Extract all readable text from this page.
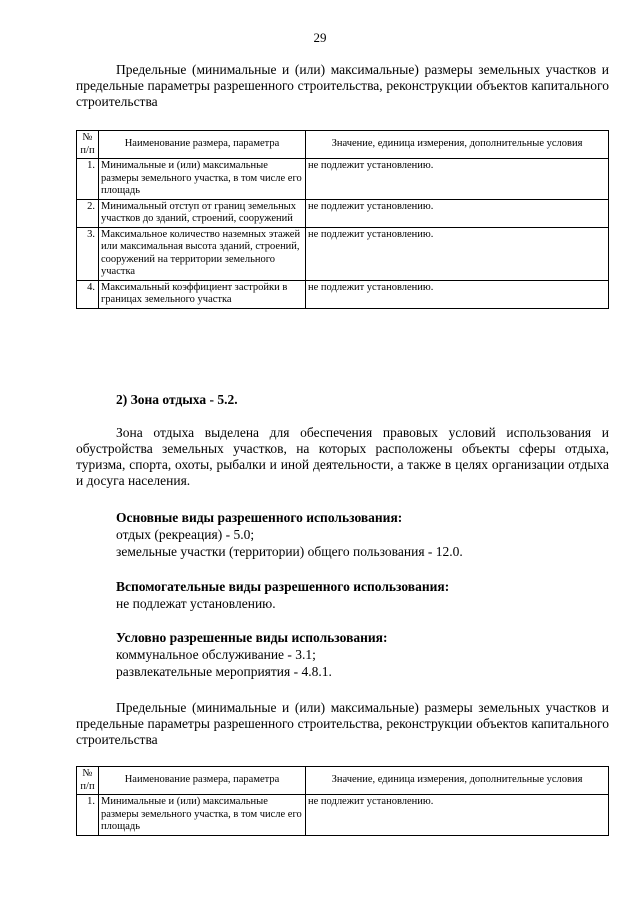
29
Предельные (минимальные и (или) максимальные) размеры земельных участков и предельные параметры разрешенного строительства, реконструкции объектов капитального строительства
№ п/п	Наименование размера, параметра	Значение, единица измерения, дополнительные условия
1.	Минимальные и (или) максимальные размеры земельного участка, в том числе его площадь	не подлежит установлению.
2.	Минимальный отступ от границ земельных участков до зданий, строений, сооружений	не подлежит установлению.
3.	Максимальное количество наземных этажей или максимальная высота зданий, строений, сооружений на территории земельного участка	не подлежит установлению.
4.	Максимальный коэффициент застройки в границах земельного участка	не подлежит установлению.
2) Зона отдыха - 5.2.
Зона отдыха выделена для обеспечения правовых условий использования и обустройства земельных участков, на которых расположены объекты сферы отдыха, туризма, спорта, охоты, рыбалки и иной деятельности, а также в целях организации отдыха и досуга населения.
Основные виды разрешенного использования:
отдых (рекреация) - 5.0;
земельные участки (территории) общего пользования - 12.0.
Вспомогательные виды разрешенного использования:
не подлежат установлению.
Условно разрешенные виды использования:
коммунальное обслуживание - 3.1;
развлекательные мероприятия - 4.8.1.
Предельные (минимальные и (или) максимальные) размеры земельных участков и предельные параметры разрешенного строительства, реконструкции объектов капитального строительства
№ п/п	Наименование размера, параметра	Значение, единица измерения, дополнительные условия
1.	Минимальные и (или) максимальные размеры земельного участка, в том числе его площадь	не подлежит установлению.
